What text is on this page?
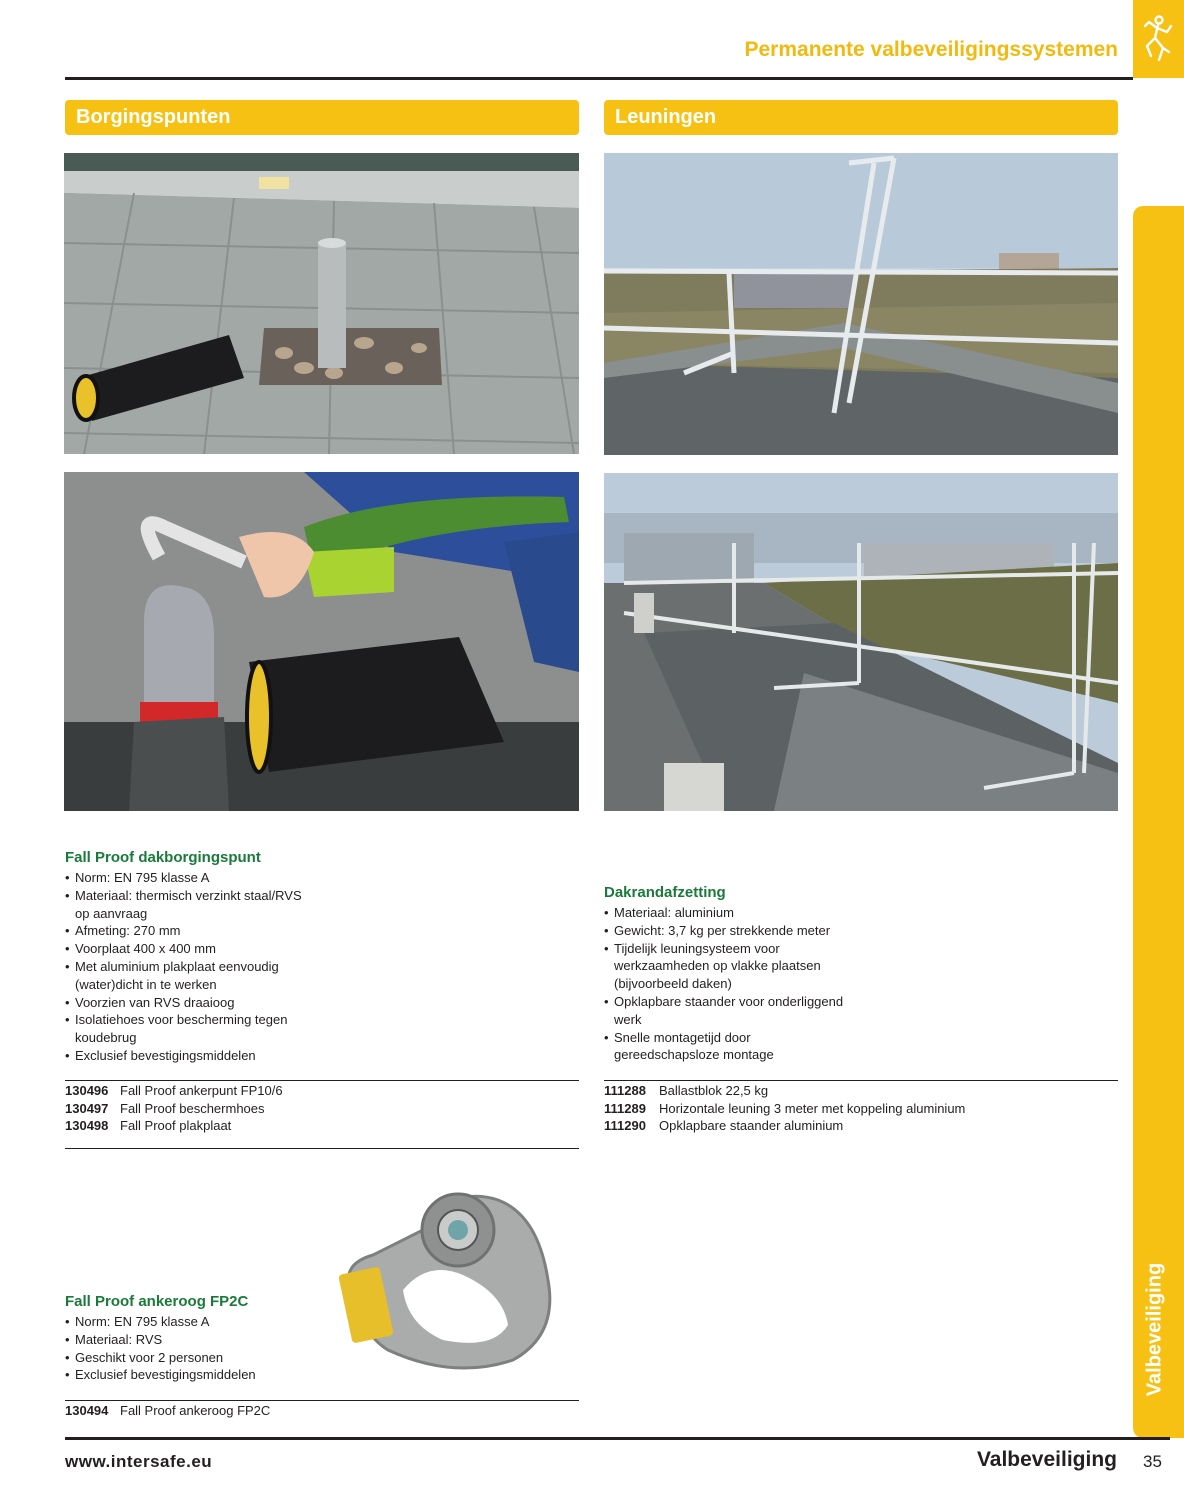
Permanente valbeveiligingssystemen
Borgingspunten	Leuningen
Fall Proof dakborgingspunt
• Norm: EN 795 klasse A
• Materiaal: thermisch verzinkt staal/RVS op aanvraag
• Afmeting: 270 mm
• Voorplaat 400 x 400 mm
• Met aluminium plakplaat eenvoudig (water)dicht in te werken
• Voorzien van RVS draaioog
• Isolatiehoes voor bescherming tegen koudebrug
• Exclusief bevestigingsmiddelen
130496 Fall Proof ankerpunt FP10/6
130497 Fall Proof beschermhoes
130498 Fall Proof plakplaat
Dakrandafzetting
• Materiaal: aluminium
• Gewicht: 3,7 kg per strekkende meter
• Tijdelijk leuningsysteem voor werkzaamheden op vlakke plaatsen (bijvoorbeeld daken)
• Opklapbare staander voor onderliggend werk
• Snelle montagetijd door gereedschapsloze montage
111288 Ballastblok 22,5 kg
111289 Horizontale leuning 3 meter met koppeling aluminium
111290 Opklapbare staander aluminium
Fall Proof ankeroog FP2C
• Norm: EN 795 klasse A
• Materiaal: RVS
• Geschikt voor 2 personen
• Exclusief bevestigingsmiddelen
130494 Fall Proof ankeroog FP2C
Valbeveiliging
www.intersafe.eu	Valbeveiliging 35
